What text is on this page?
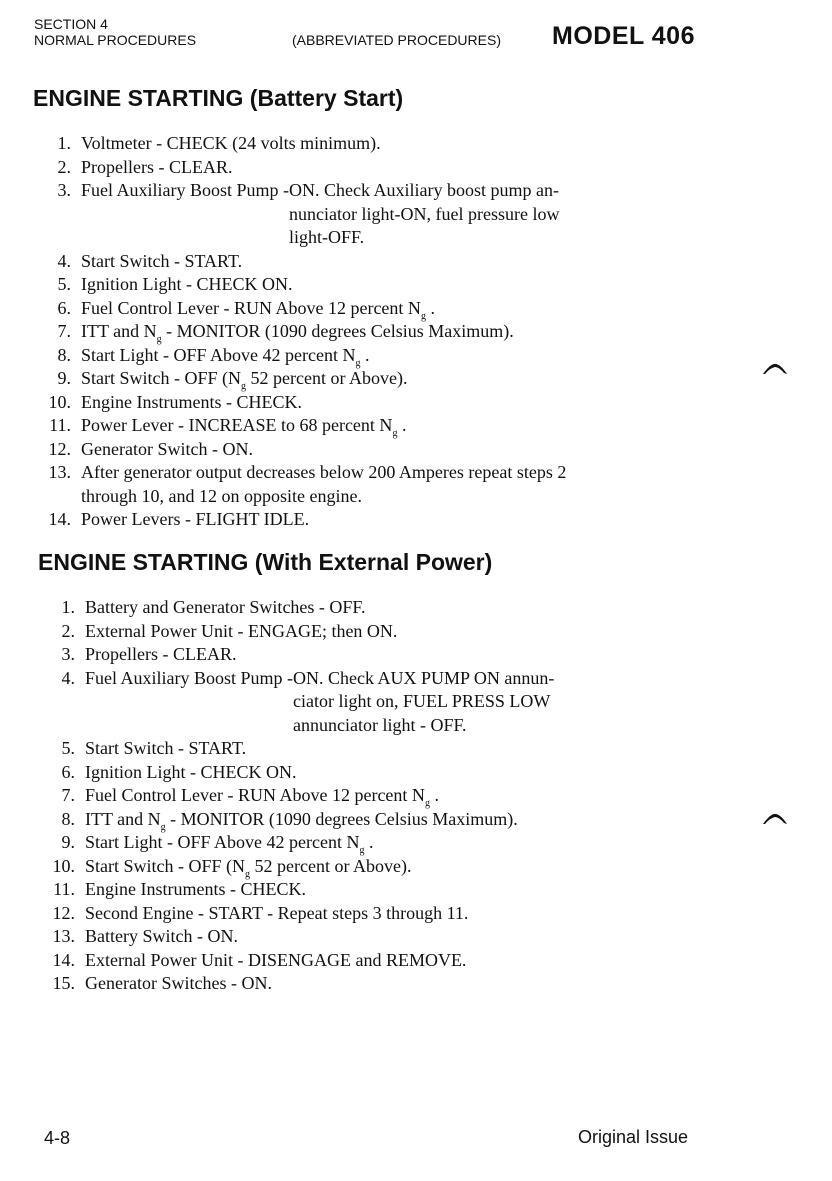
SECTION 4
NORMAL PROCEDURES	(ABBREVIATED PROCEDURES) MODEL 406
ENGINE STARTING (Battery Start)
1. Voltmeter - CHECK (24 volts minimum).
2. Propellers - CLEAR.
3. Fuel Auxiliary Boost Pump - ON. Check Auxiliary boost pump an-
nunciator light-ON, fuel pressure low
light-OFF.
4. Start Switch - START.
5. Ignition Light - CHECK ON.
6. Fuel Control Lever - RUN Above 12 percent $N_g$ .
7. ITT and $N_g$ - MONITOR (1090 degrees Celsius Maximum).
8. Start Light - OFF Above 42 percent $N_g$ .
9. Start Switch - OFF ($N_g$ 52 percent or Above).
10. Engine Instruments - CHECK.
11. Power Lever - INCREASE to 68 percent $N_g$ .
12. Generator Switch - ON.
13. After generator output decreases below 200 Amperes repeat steps 2
through 10, and 12 on opposite engine.
14. Power Levers - FLIGHT IDLE.
ENGINE STARTING (With External Power)
1. Battery and Generator Switches - OFF.
2. External Power Unit - ENGAGE; then ON.
3. Propellers - CLEAR.
4. Fuel Auxiliary Boost Pump - ON. Check AUX PUMP ON annun-
ciator light on, FUEL PRESS LOW
annunciator light - OFF.
5. Start Switch - START.
6. Ignition Light - CHECK ON.
7. Fuel Control Lever - RUN Above 12 percent $N_g$ .
8. ITT and $N_g$ - MONITOR (1090 degrees Celsius Maximum).
9. Start Light - OFF Above 42 percent $N_g$ .
10. Start Switch - OFF ($N_g$ 52 percent or Above).
11. Engine Instruments - CHECK.
12. Second Engine - START - Repeat steps 3 through 11.
13. Battery Switch - ON.
14. External Power Unit - DISENGAGE and REMOVE.
15. Generator Switches - ON.
4-8	Original Issue
